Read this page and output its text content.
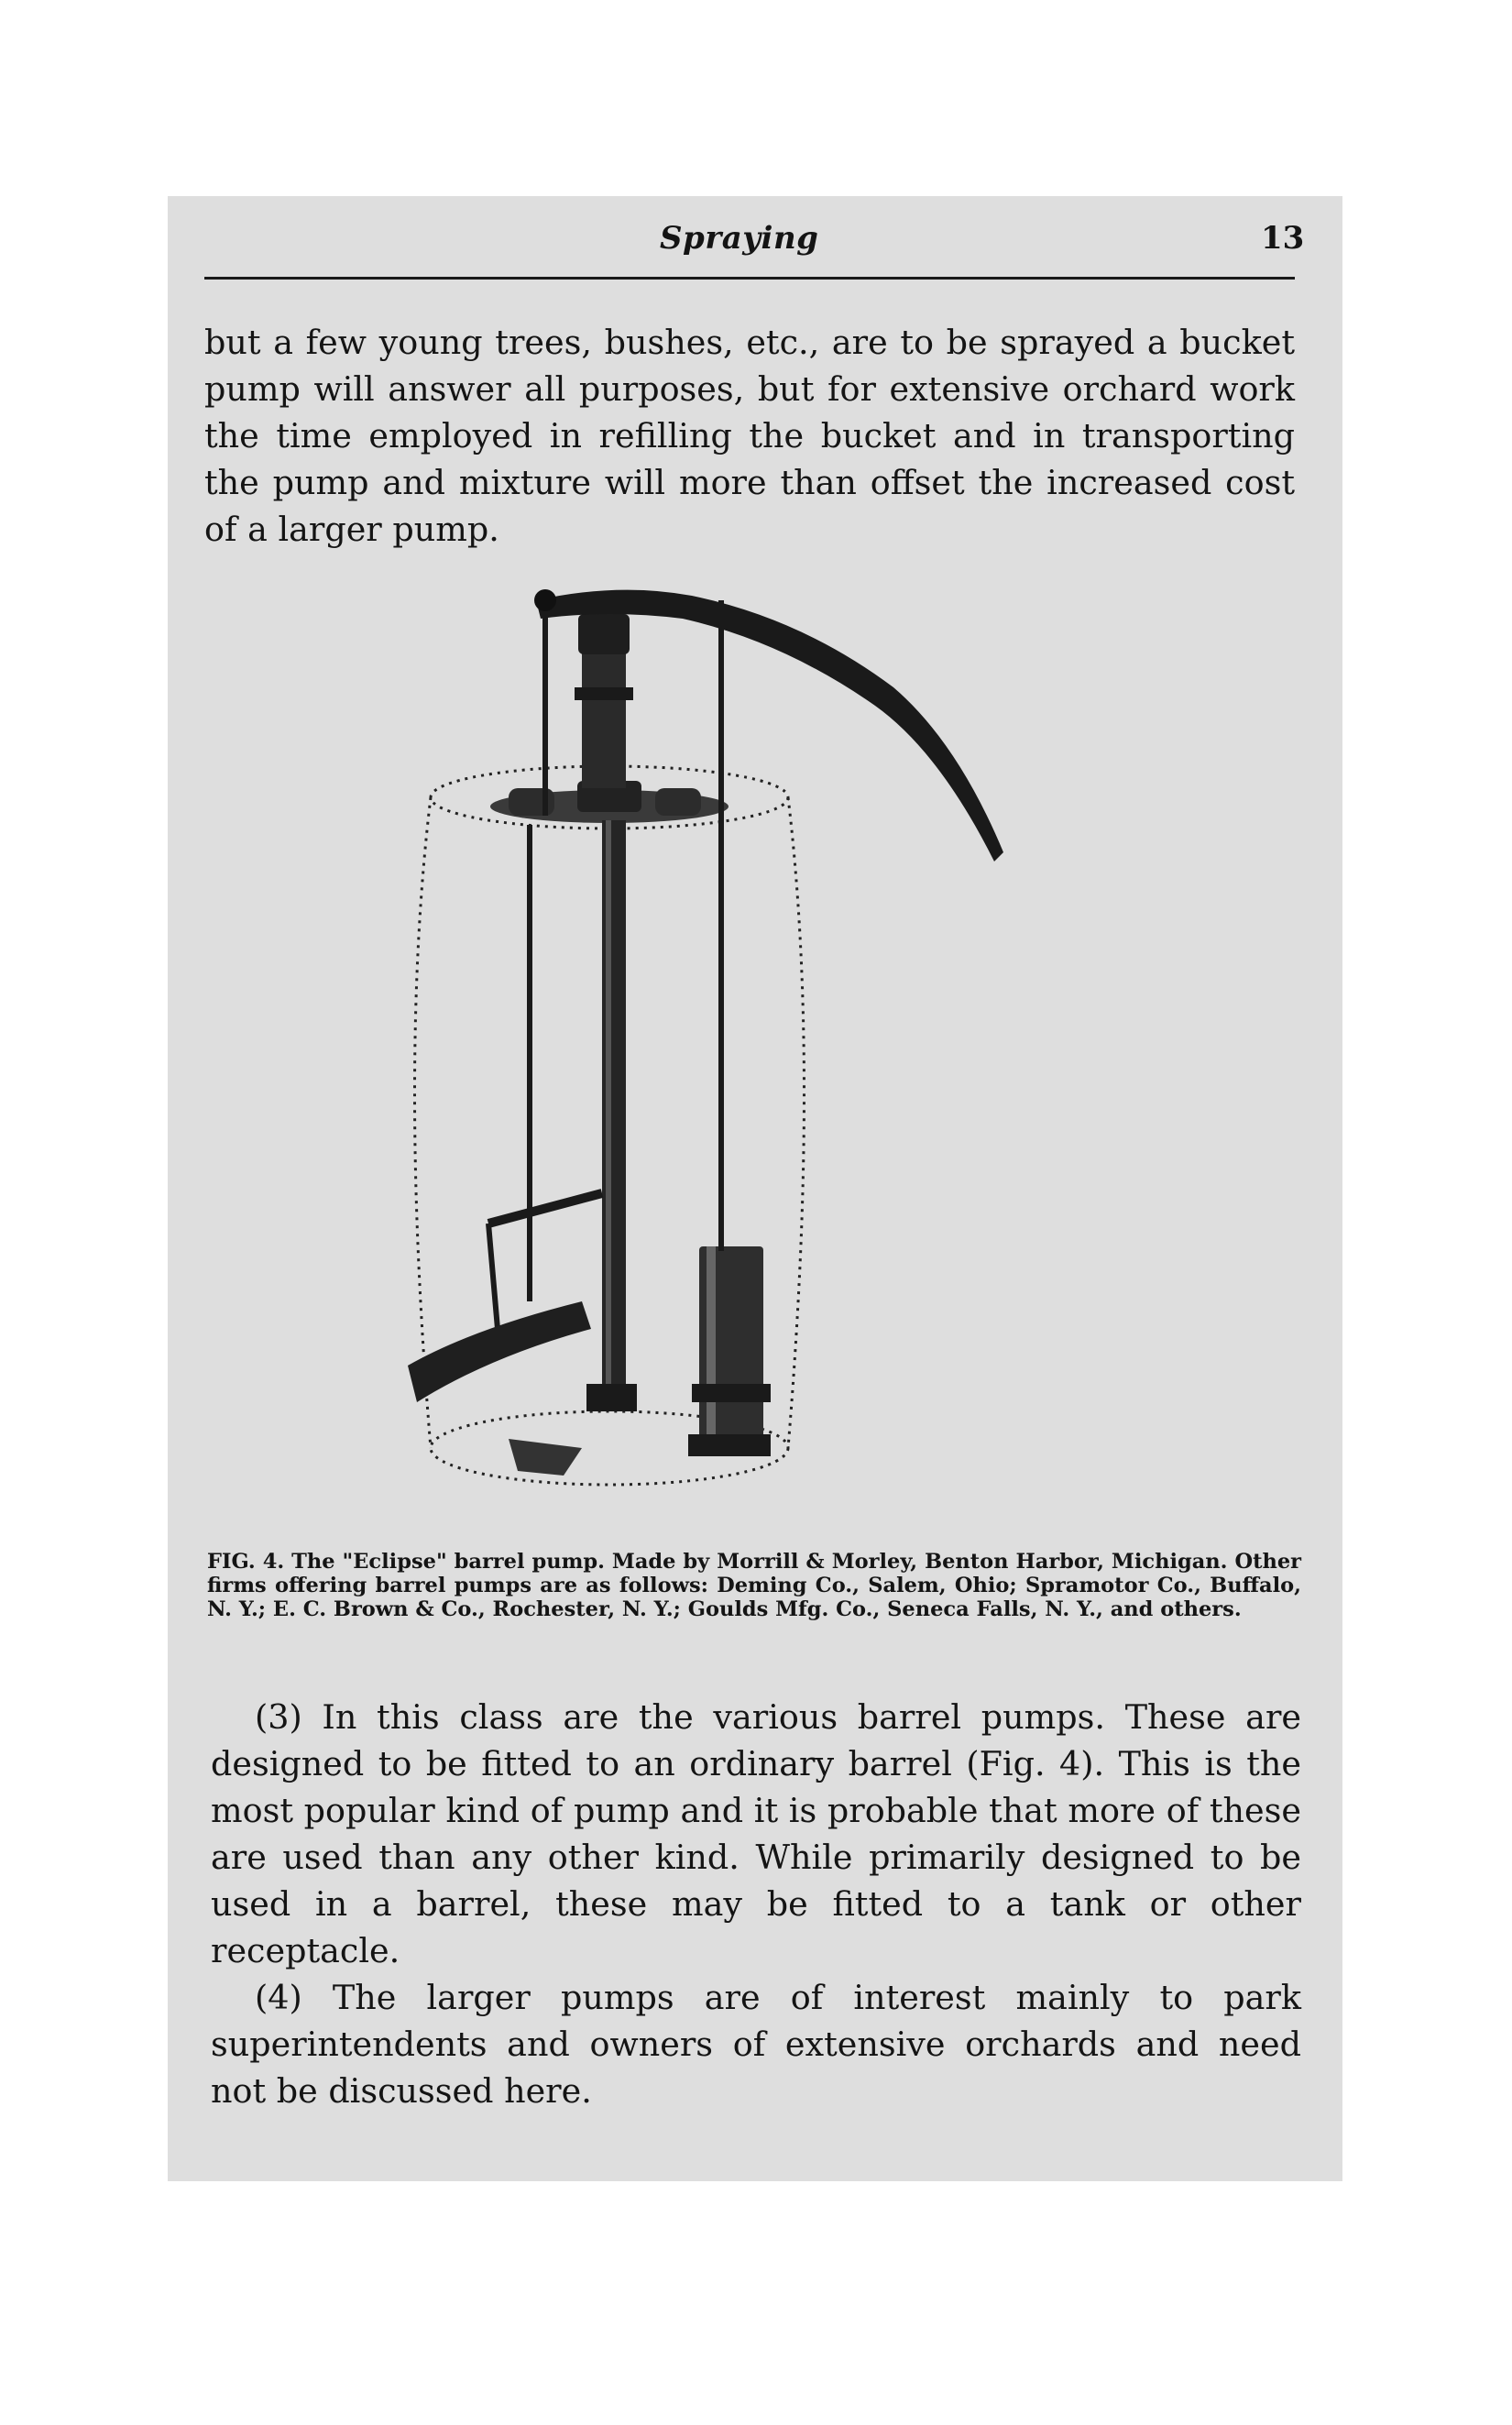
Spraying	13

but a few young trees, bushes, etc., are to be sprayed a bucket pump will answer all purposes, but for extensive orchard work the time employed in refilling the bucket and in transporting the pump and mixture will more than offset the increased cost of a larger pump.

FIG. 4. The "Eclipse" barrel pump. Made by Morrill & Morley, Benton Harbor, Michigan. Other firms offering barrel pumps are as follows: Deming Co., Salem, Ohio; Spramotor Co., Buffalo, N. Y.; E. C. Brown & Co., Rochester, N. Y.; Goulds Mfg. Co., Seneca Falls, N. Y., and others.

(3) In this class are the various barrel pumps. These are designed to be fitted to an ordinary barrel (Fig. 4). This is the most popular kind of pump and it is probable that more of these are used than any other kind. While primarily designed to be used in a barrel, these may be fitted to a tank or other receptacle.

(4) The larger pumps are of interest mainly to park superintendents and owners of extensive orchards and need not be discussed here.
